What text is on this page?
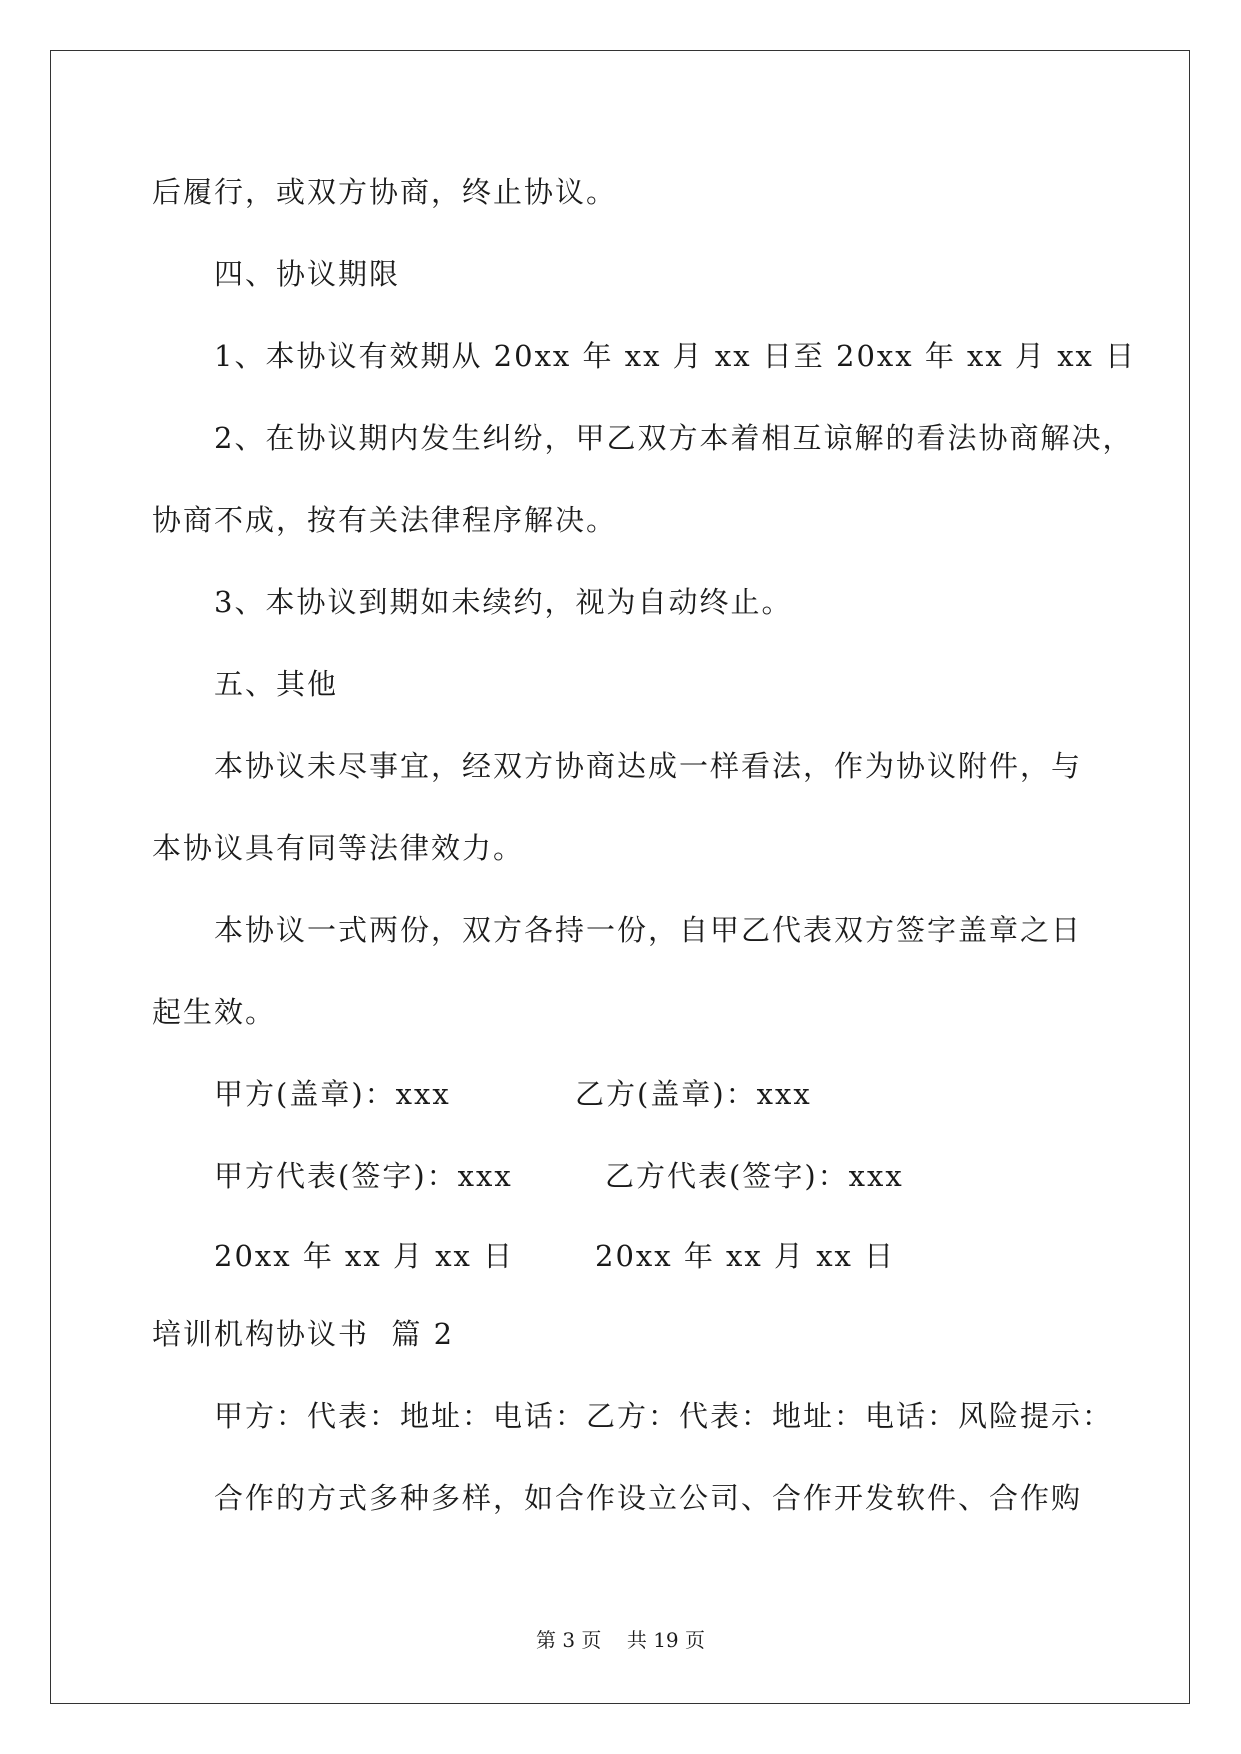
后履行，或双方协商，终止协议。
四、协议期限
1、本协议有效期从 20xx 年 xx 月 xx 日至 20xx 年 xx 月 xx 日
2、在协议期内发生纠纷，甲乙双方本着相互谅解的看法协商解决，
协商不成，按有关法律程序解决。
3、本协议到期如未续约，视为自动终止。
五、其他
本协议未尽事宜，经双方协商达成一样看法，作为协议附件，与
本协议具有同等法律效力。
本协议一式两份，双方各持一份，自甲乙代表双方签字盖章之日
起生效。
甲方(盖章)：xxx	乙方(盖章)：xxx
甲方代表(签字)：xxx	乙方代表(签字)：xxx
20xx 年 xx 月 xx 日	20xx 年 xx 月 xx 日
培训机构协议书  篇 2
甲方：代表：地址：电话：乙方：代表：地址：电话：风险提示：
合作的方式多种多样，如合作设立公司、合作开发软件、合作购
第 3 页    共 19 页
